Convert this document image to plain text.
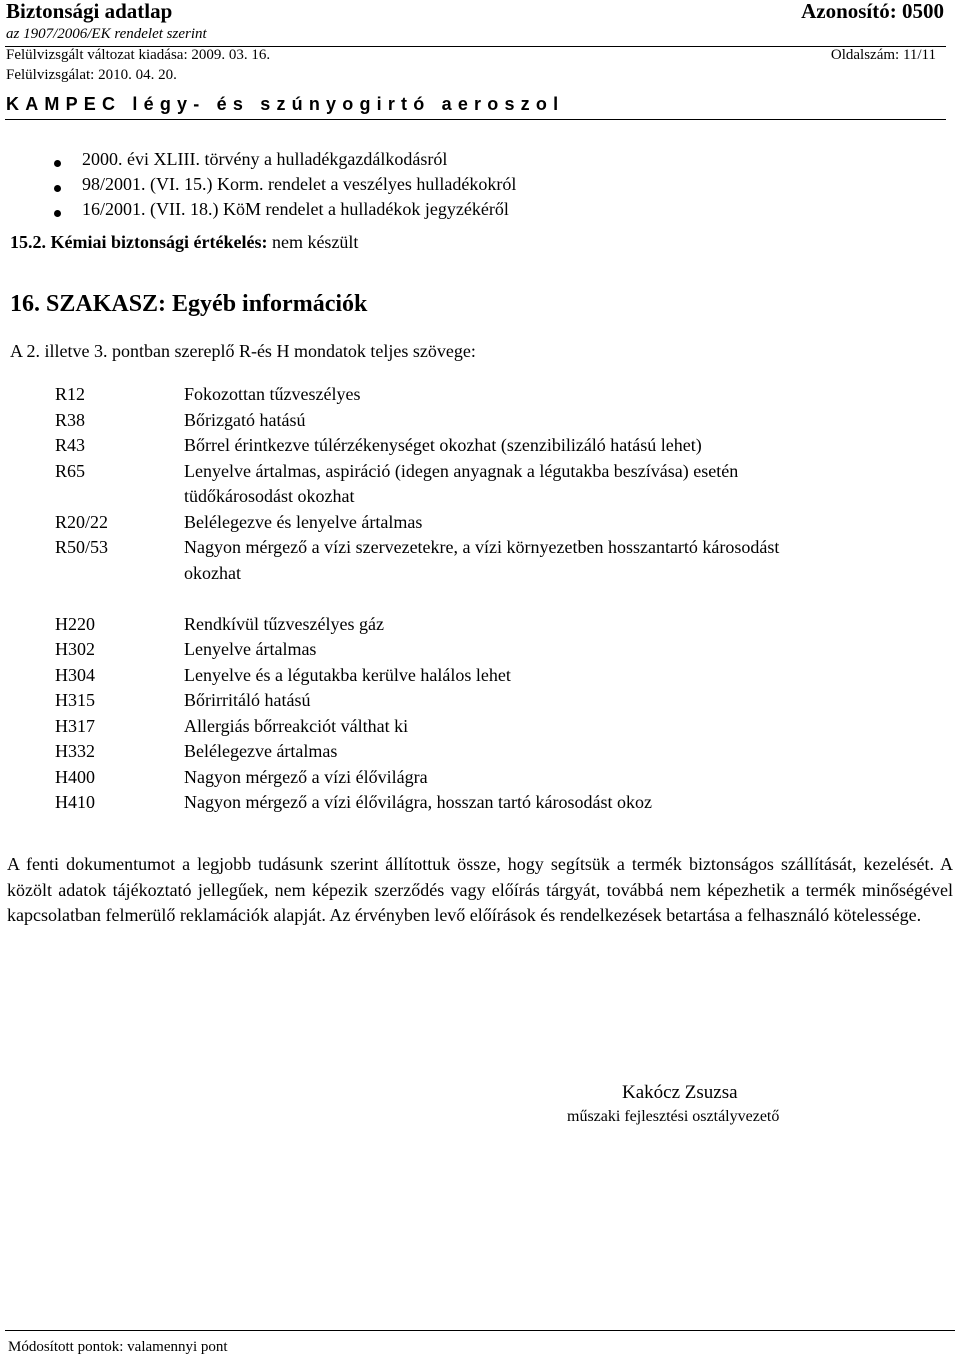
Biztonsági adatlap	Azonosító: 0500
az 1907/2006/EK rendelet szerint
Felülvizsgált változat kiadása: 2009. 03. 16.	Oldalszám: 11/11
Felülvizsgálat: 2010. 04. 20.
KAMPEC légy- és szúnyogirtó aeroszol
2000. évi XLIII. törvény a hulladékgazdálkodásról
98/2001. (VI. 15.) Korm. rendelet a veszélyes hulladékokról
16/2001. (VII. 18.) KöM rendelet a hulladékok jegyzékéről
15.2. Kémiai biztonsági értékelés: nem készült
16. SZAKASZ: Egyéb információk
A 2. illetve 3. pontban szereplő R-és H mondatok teljes szövege:
R12	Fokozottan tűzveszélyes
R38	Bőrizgató hatású
R43	Bőrrel érintkezve túlérzékenységet okozhat (szenzibilizáló hatású lehet)
R65	Lenyelve ártalmas, aspiráció (idegen anyagnak a légutakba beszívása) esetén
tüdőkárosodást okozhat
R20/22	Belélegezve és lenyelve ártalmas
R50/53	Nagyon mérgező a vízi szervezetekre, a vízi környezetben hosszantartó károsodást
okozhat
H220	Rendkívül tűzveszélyes gáz
H302	Lenyelve ártalmas
H304	Lenyelve és a légutakba kerülve halálos lehet
H315	Bőrirritáló hatású
H317	Allergiás bőrreakciót válthat ki
H332	Belélegezve ártalmas
H400	Nagyon mérgező a vízi élővilágra
H410	Nagyon mérgező a vízi élővilágra, hosszan tartó károsodást okoz
A fenti dokumentumot a legjobb tudásunk szerint állítottuk össze, hogy segítsük a termék biztonságos szállítását, kezelését. A közölt adatok tájékoztató jellegűek, nem képezik szerződés vagy előírás tárgyát, továbbá nem képezhetik a termék minőségével kapcsolatban felmerülő reklamációk alapját. Az érvényben levő előírások és rendelkezések betartása a felhasználó kötelessége.
Kakócz Zsuzsa
műszaki fejlesztési osztályvezető
Módosított pontok: valamennyi pont
